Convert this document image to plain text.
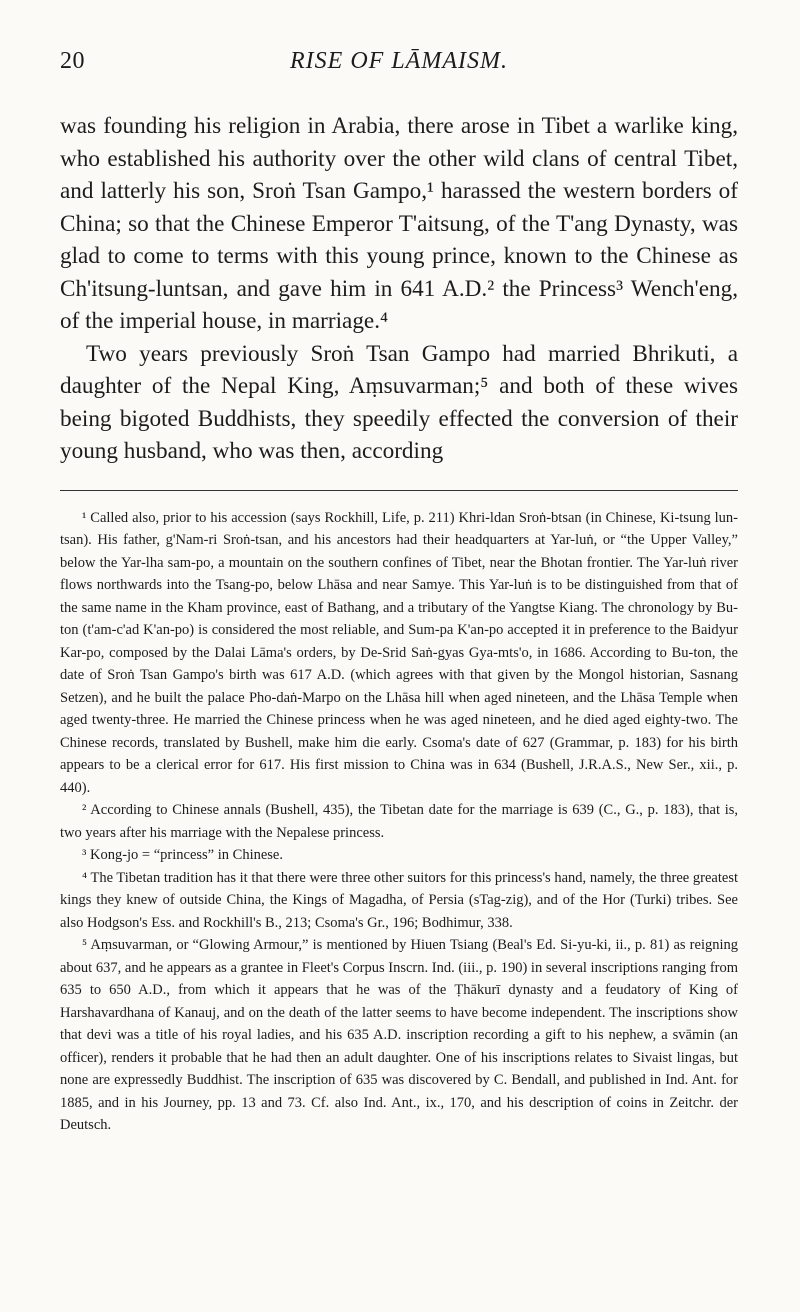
20	RISE OF LĀMAISM.

was founding his religion in Arabia, there arose in Tibet a warlike king, who established his authority over the other wild clans of central Tibet, and latterly his son, Sroṅ Tsan Gampo,¹ harassed the western borders of China; so that the Chinese Emperor T'aitsung, of the T'ang Dynasty, was glad to come to terms with this young prince, known to the Chinese as Ch'itsung-luntsan, and gave him in 641 A.D.² the Princess³ Wench'eng, of the imperial house, in marriage.⁴

Two years previously Sroṅ Tsan Gampo had married Bhrikuti, a daughter of the Nepal King, Aṃsuvarman;⁵ and both of these wives being bigoted Buddhists, they speedily effected the conversion of their young husband, who was then, according

¹ Called also, prior to his accession (says Rockhill, Life, p. 211) Khri-ldan Sroṅ-btsan (in Chinese, Ki-tsung lun-tsan). His father, g'Nam-ri Sroṅ-tsan, and his ancestors had their headquarters at Yar-luṅ, or “the Upper Valley,” below the Yar-lha sam-po, a mountain on the southern confines of Tibet, near the Bhotan frontier. The Yar-luṅ river flows northwards into the Tsang-po, below Lhāsa and near Samye. This Yar-luṅ is to be distinguished from that of the same name in the Kham province, east of Bathang, and a tributary of the Yangtse Kiang. The chronology by Bu-ton (t'am-c'ad K'an-po) is considered the most reliable, and Sum-pa K'an-po accepted it in preference to the Baidyur Kar-po, composed by the Dalai Lāma's orders, by De-Srid Saṅ-gyas Gya-mts'o, in 1686. According to Bu-ton, the date of Sroṅ Tsan Gampo's birth was 617 A.D. (which agrees with that given by the Mongol historian, Sasnang Setzen), and he built the palace Pho-daṅ-Marpo on the Lhāsa hill when aged nineteen, and the Lhāsa Temple when aged twenty-three. He married the Chinese princess when he was aged nineteen, and he died aged eighty-two. The Chinese records, translated by Bushell, make him die early. Csoma's date of 627 (Grammar, p. 183) for his birth appears to be a clerical error for 617. His first mission to China was in 634 (Bushell, J.R.A.S., New Ser., xii., p. 440).

² According to Chinese annals (Bushell, 435), the Tibetan date for the marriage is 639 (C., G., p. 183), that is, two years after his marriage with the Nepalese princess.

³ Kong-jo = “princess” in Chinese.

⁴ The Tibetan tradition has it that there were three other suitors for this princess's hand, namely, the three greatest kings they knew of outside China, the Kings of Magadha, of Persia (sTag-zig), and of the Hor (Turki) tribes. See also Hodgson's Ess. and Rockhill's B., 213; Csoma's Gr., 196; Bodhimur, 338.

⁵ Aṃsuvarman, or “Glowing Armour,” is mentioned by Hiuen Tsiang (Beal's Ed. Si-yu-ki, ii., p. 81) as reigning about 637, and he appears as a grantee in Fleet's Corpus Inscrn. Ind. (iii., p. 190) in several inscriptions ranging from 635 to 650 A.D., from which it appears that he was of the Ṭhākurī dynasty and a feudatory of King of Harshavardhana of Kanauj, and on the death of the latter seems to have become independent. The inscriptions show that devi was a title of his royal ladies, and his 635 A.D. inscription recording a gift to his nephew, a svāmin (an officer), renders it probable that he had then an adult daughter. One of his inscriptions relates to Sivaist lingas, but none are expressedly Buddhist. The inscription of 635 was discovered by C. Bendall, and published in Ind. Ant. for 1885, and in his Journey, pp. 13 and 73. Cf. also Ind. Ant., ix., 170, and his description of coins in Zeitchr. der Deutsch.
